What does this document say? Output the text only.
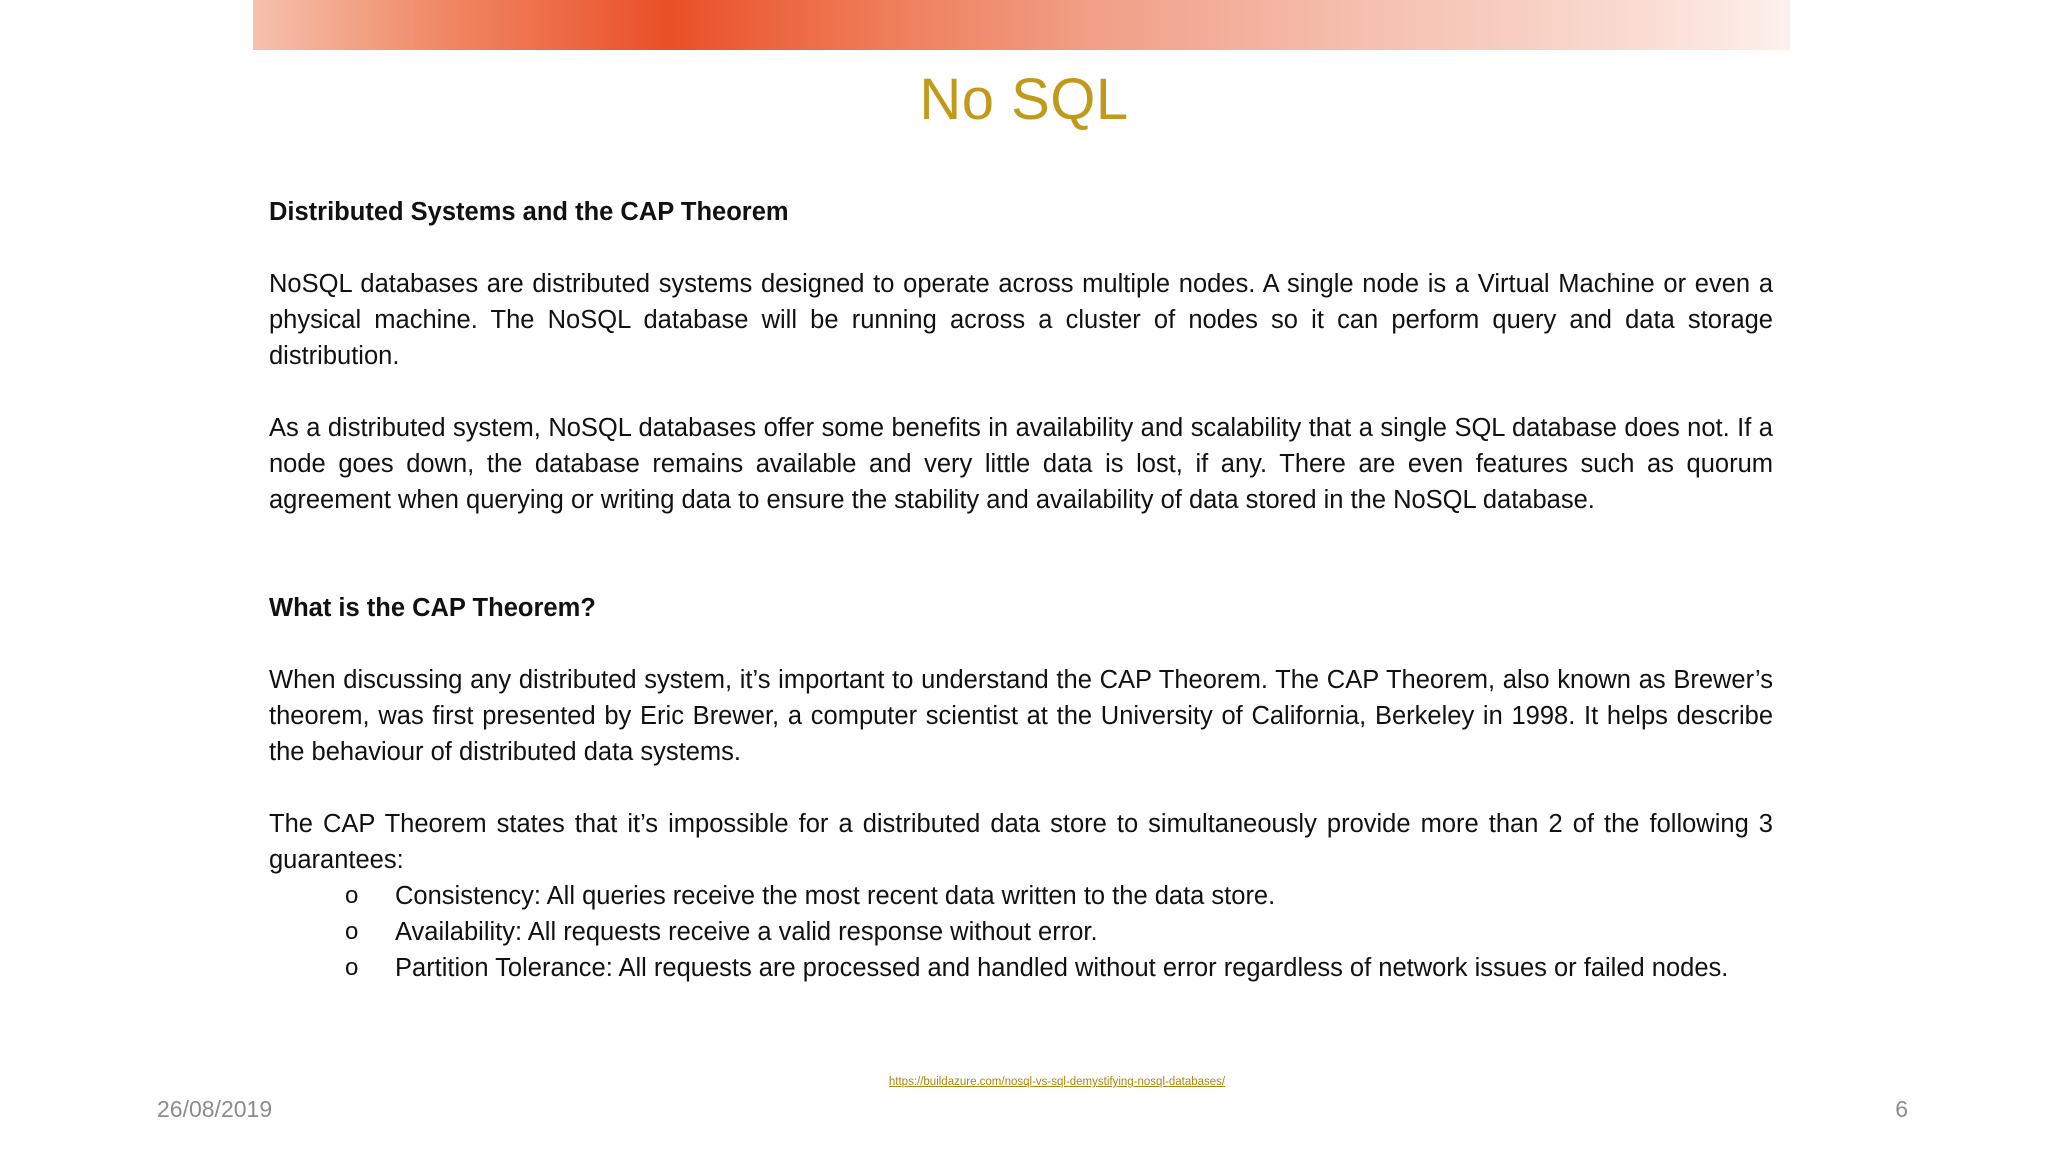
No SQL

Distributed Systems and the CAP Theorem

NoSQL databases are distributed systems designed to operate across multiple nodes. A single node is a Virtual Machine or even a physical machine. The NoSQL database will be running across a cluster of nodes so it can perform query and data storage distribution.

As a distributed system, NoSQL databases offer some benefits in availability and scalability that a single SQL database does not. If a node goes down, the database remains available and very little data is lost, if any. There are even features such as quorum agreement when querying or writing data to ensure the stability and availability of data stored in the NoSQL database.

What is the CAP Theorem?

When discussing any distributed system, it’s important to understand the CAP Theorem. The CAP Theorem, also known as Brewer’s theorem, was first presented by Eric Brewer, a computer scientist at the University of California, Berkeley in 1998. It helps describe the behaviour of distributed data systems.

The CAP Theorem states that it’s impossible for a distributed data store to simultaneously provide more than 2 of the following 3 guarantees:

o Consistency: All queries receive the most recent data written to the data store.
o Availability: All requests receive a valid response without error.
o Partition Tolerance: All requests are processed and handled without error regardless of network issues or failed nodes.
https://buildazure.com/nosql-vs-sql-demystifying-nosql-databases/
26/08/2019	6
